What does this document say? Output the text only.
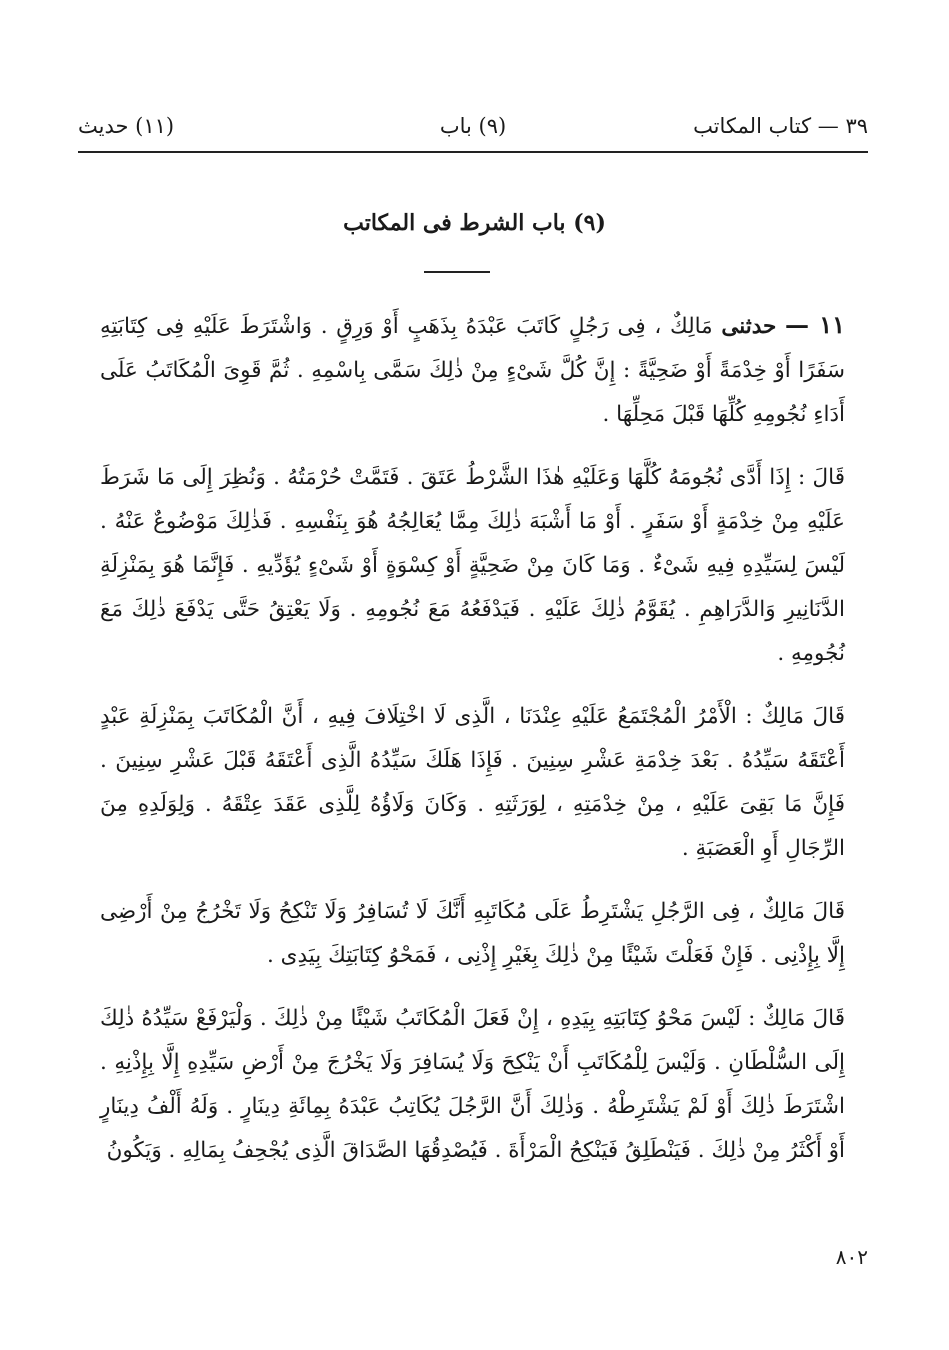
٣٩ — كتاب المكاتب
(٩) باب
(١١) حديث
(٩) باب الشرط فى المكاتب

١١ — حدثنى مَالِكٌ ، فِى رَجُلٍ كَاتَبَ عَبْدَهُ بِذَهَبٍ أَوْ وَرِقٍ . وَاشْتَرَطَ عَلَيْهِ فِى كِتَابَتِهِ سَفَرًا أَوْ خِدْمَةً أَوْ ضَحِيَّةً : إِنَّ كُلَّ شَىْءٍ مِنْ ذٰلِكَ سَمَّى بِاسْمِهِ . ثُمَّ قَوِىَ الْمُكَاتَبُ عَلَى أَدَاءِ نُجُومِهِ كُلِّهَا قَبْلَ مَحِلِّهَا .

قَالَ : إِذَا أَدَّى نُجُومَهُ كُلَّهَا وَعَلَيْهِ هٰذَا الشَّرْطُ عَتَقَ . فَتَمَّتْ حُرْمَتُهُ . وَنُظِرَ إِلَى مَا شَرَطَ عَلَيْهِ مِنْ خِدْمَةٍ أَوْ سَفَرٍ . أَوْ مَا أَشْبَهَ ذٰلِكَ مِمَّا يُعَالِجُهُ هُوَ بِنَفْسِهِ . فَذٰلِكَ مَوْضُوعٌ عَنْهُ . لَيْسَ لِسَيِّدِهِ فِيهِ شَىْءٌ . وَمَا كَانَ مِنْ ضَحِيَّةٍ أَوْ كِسْوَةٍ أَوْ شَىْءٍ يُؤَدِّيهِ . فَإِنَّمَا هُوَ بِمَنْزِلَةِ الدَّنَانِيرِ وَالدَّرَاهِمِ . يُقَوَّمُ ذٰلِكَ عَلَيْهِ . فَيَدْفَعُهُ مَعَ نُجُومِهِ . وَلَا يَعْتِقُ حَتَّى يَدْفَعَ ذٰلِكَ مَعَ نُجُومِهِ .

قَالَ مَالِكٌ : الْأَمْرُ الْمُجْتَمَعُ عَلَيْهِ عِنْدَنَا ، الَّذِى لَا اخْتِلَافَ فِيهِ ، أَنَّ الْمُكَاتَبَ بِمَنْزِلَةِ عَبْدٍ أَعْتَقَهُ سَيِّدُهُ . بَعْدَ خِدْمَةِ عَشْرِ سِنِينَ . فَإِذَا هَلَكَ سَيِّدُهُ الَّذِى أَعْتَقَهُ قَبْلَ عَشْرِ سِنِينَ . فَإِنَّ مَا بَقِىَ عَلَيْهِ ، مِنْ خِدْمَتِهِ ، لِوَرَثَتِهِ . وَكَانَ وَلَاؤُهُ لِلَّذِى عَقَدَ عِتْقَهُ . وَلِوَلَدِهِ مِنَ الرِّجَالِ أَوِ الْعَصَبَةِ .

قَالَ مَالِكٌ ، فِى الرَّجُلِ يَشْتَرِطُ عَلَى مُكَاتَبِهِ أَنَّكَ لَا تُسَافِرُ وَلَا تَنْكِحُ وَلَا تَخْرُجُ مِنْ أَرْضِى إِلَّا بِإِذْنِى . فَإِنْ فَعَلْتَ شَيْئًا مِنْ ذٰلِكَ بِغَيْرِ إِذْنِى ، فَمَحْوُ كِتَابَتِكَ بِيَدِى .

قَالَ مَالِكٌ : لَيْسَ مَحْوُ كِتَابَتِهِ بِيَدِهِ ، إِنْ فَعَلَ الْمُكَاتَبُ شَيْئًا مِنْ ذٰلِكَ . وَلْيَرْفَعْ سَيِّدُهُ ذٰلِكَ إِلَى السُّلْطَانِ . وَلَيْسَ لِلْمُكَاتَبِ أَنْ يَنْكِحَ وَلَا يُسَافِرَ وَلَا يَخْرُجَ مِنْ أَرْضِ سَيِّدِهِ إِلَّا بِإِذْنِهِ . اشْتَرَطَ ذٰلِكَ أَوْ لَمْ يَشْتَرِطْهُ . وَذٰلِكَ أَنَّ الرَّجُلَ يُكَاتِبُ عَبْدَهُ بِمِائَةِ دِينَارٍ . وَلَهُ أَلْفُ دِينَارٍ أَوْ أَكْثَرُ مِنْ ذٰلِكَ . فَيَنْطَلِقُ فَيَنْكِحُ الْمَرْأَةَ . فَيُصْدِقُهَا الصَّدَاقَ الَّذِى يُجْحِفُ بِمَالِهِ . وَيَكُونُ

٨٠٢
